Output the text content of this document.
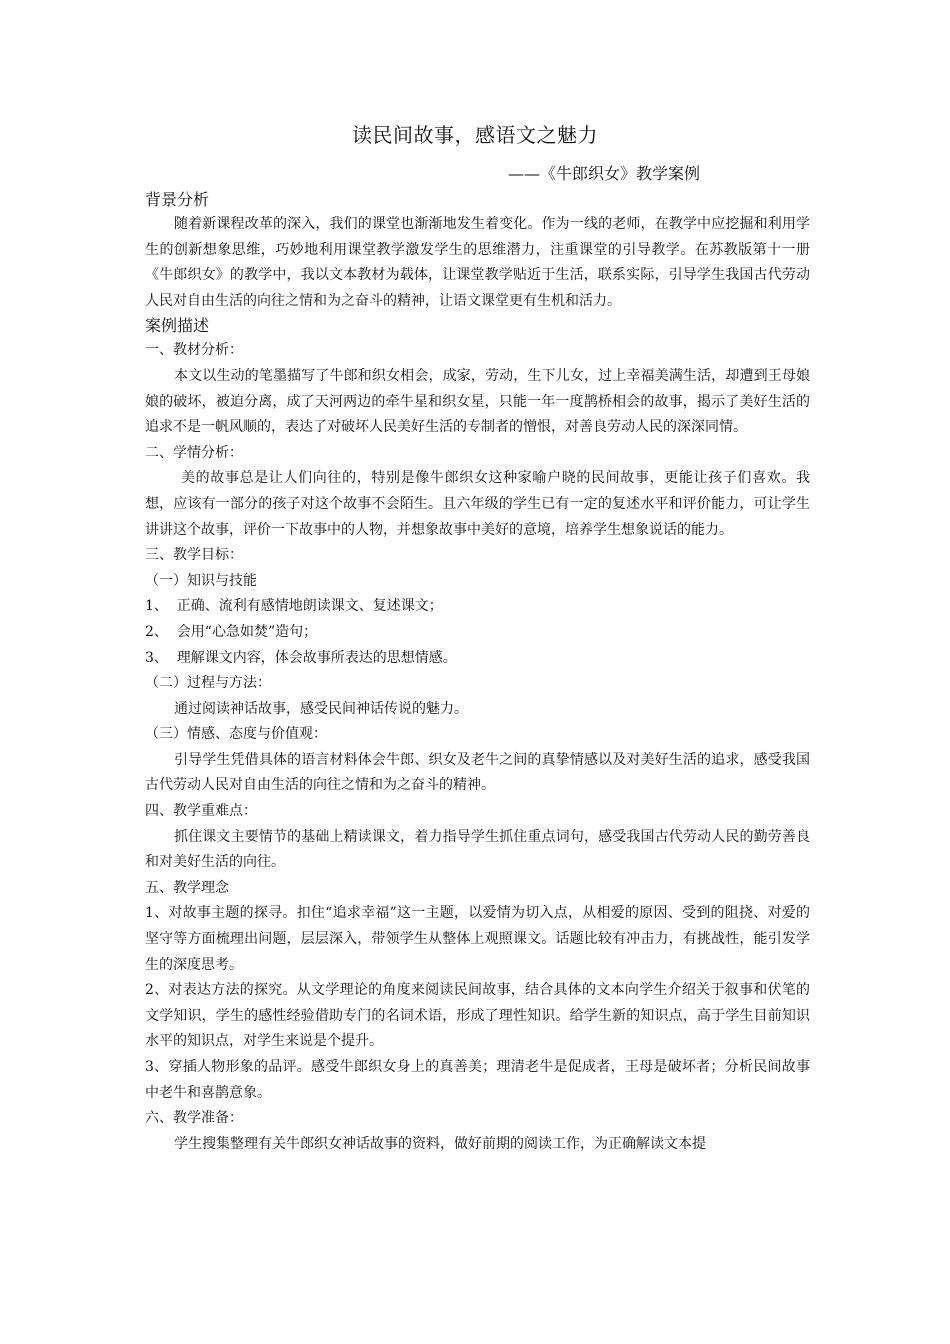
读民间故事，感语文之魅力
——《牛郎织女》教学案例

背景分析

随着新课程改革的深入，我们的课堂也渐渐地发生着变化。作为一线的老师，在教学中应挖掘和利用学生的创新想象思维，巧妙地利用课堂教学激发学生的思维潜力，注重课堂的引导教学。在苏教版第十一册《牛郎织女》的教学中，我以文本教材为载体，让课堂教学贴近于生活，联系实际，引导学生我国古代劳动人民对自由生活的向往之情和为之奋斗的精神，让语文课堂更有生机和活力。

案例描述

一、教材分析：

本文以生动的笔墨描写了牛郎和织女相会，成家，劳动，生下儿女，过上幸福美满生活，却遭到王母娘娘的破坏，被迫分离，成了天河两边的牵牛星和织女星，只能一年一度鹊桥相会的故事，揭示了美好生活的追求不是一帆风顺的，表达了对破坏人民美好生活的专制者的憎恨，对善良劳动人民的深深同情。

二、学情分析：

美的故事总是让人们向往的，特别是像牛郎织女这种家喻户晓的民间故事，更能让孩子们喜欢。我想，应该有一部分的孩子对这个故事不会陌生。且六年级的学生已有一定的复述水平和评价能力，可让学生讲讲这个故事，评价一下故事中的人物，并想象故事中美好的意境，培养学生想象说话的能力。

三、教学目标：

（一）知识与技能

1、  正确、流利有感情地朗读课文、复述课文；

2、  会用“心急如焚”造句；

3、  理解课文内容，体会故事所表达的思想情感。

（二）过程与方法：

通过阅读神话故事，感受民间神话传说的魅力。

（三）情感、态度与价值观：

引导学生凭借具体的语言材料体会牛郎、织女及老牛之间的真挚情感以及对美好生活的追求，感受我国古代劳动人民对自由生活的向往之情和为之奋斗的精神。

四、教学重难点：

抓住课文主要情节的基础上精读课文，着力指导学生抓住重点词句，感受我国古代劳动人民的勤劳善良和对美好生活的向往。

五、教学理念

1、对故事主题的探寻。扣住“追求幸福”这一主题，以爱情为切入点，从相爱的原因、受到的阻挠、对爱的坚守等方面梳理出问题，层层深入，带领学生从整体上观照课文。话题比较有冲击力，有挑战性，能引发学生的深度思考。

2、对表达方法的探究。从文学理论的角度来阅读民间故事，结合具体的文本向学生介绍关于叙事和伏笔的文学知识，学生的感性经验借助专门的名词术语，形成了理性知识。给学生新的知识点，高于学生目前知识水平的知识点，对学生来说是个提升。

3、穿插人物形象的品评。感受牛郎织女身上的真善美；理清老牛是促成者，王母是破坏者；分析民间故事中老牛和喜鹊意象。

六、教学准备：

学生搜集整理有关牛郎织女神话故事的资料，做好前期的阅读工作，为正确解读文本提
